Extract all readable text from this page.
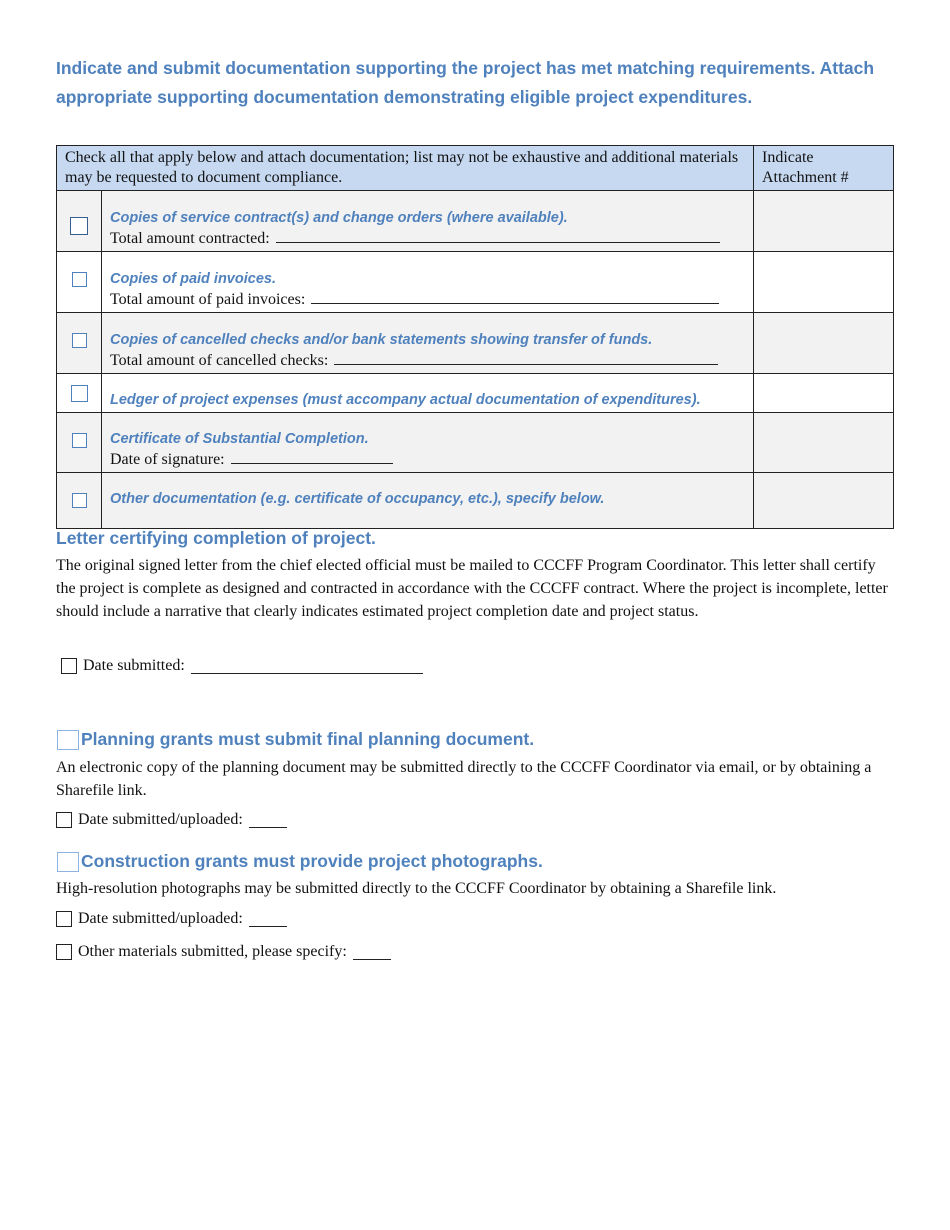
Indicate and submit documentation supporting the project has met matching requirements. Attach appropriate supporting documentation demonstrating eligible project expenditures.
Check all that apply below and attach documentation; list may not be exhaustive and additional materials may be requested to document compliance.		Indicate Attachment #

	Copies of service contract(s) and change orders (where available).
Total amount contracted:	

	Copies of paid invoices.
Total amount of paid invoices:	

	Copies of cancelled checks and/or bank statements showing transfer of funds.
Total amount of cancelled checks:	

	Ledger of project expenses (must accompany actual documentation of expenditures).	

	Certificate of Substantial Completion.
Date of signature:	

	Other documentation (e.g. certificate of occupancy, etc.), specify below.	

Letter certifying completion of project.
The original signed letter from the chief elected official must be mailed to CCCFF Program Coordinator. This letter shall certify the project is complete as designed and contracted in accordance with the CCCFF contract. Where the project is incomplete, letter should include a narrative that clearly indicates estimated project completion date and project status.
Date submitted:
Planning grants must submit final planning document.
An electronic copy of the planning document may be submitted directly to the CCCFF Coordinator via email, or by obtaining a Sharefile link.
Date submitted/uploaded:
Construction grants must provide project photographs.
High-resolution photographs may be submitted directly to the CCCFF Coordinator by obtaining a Sharefile link.
Date submitted/uploaded:
Other materials submitted, please specify:
